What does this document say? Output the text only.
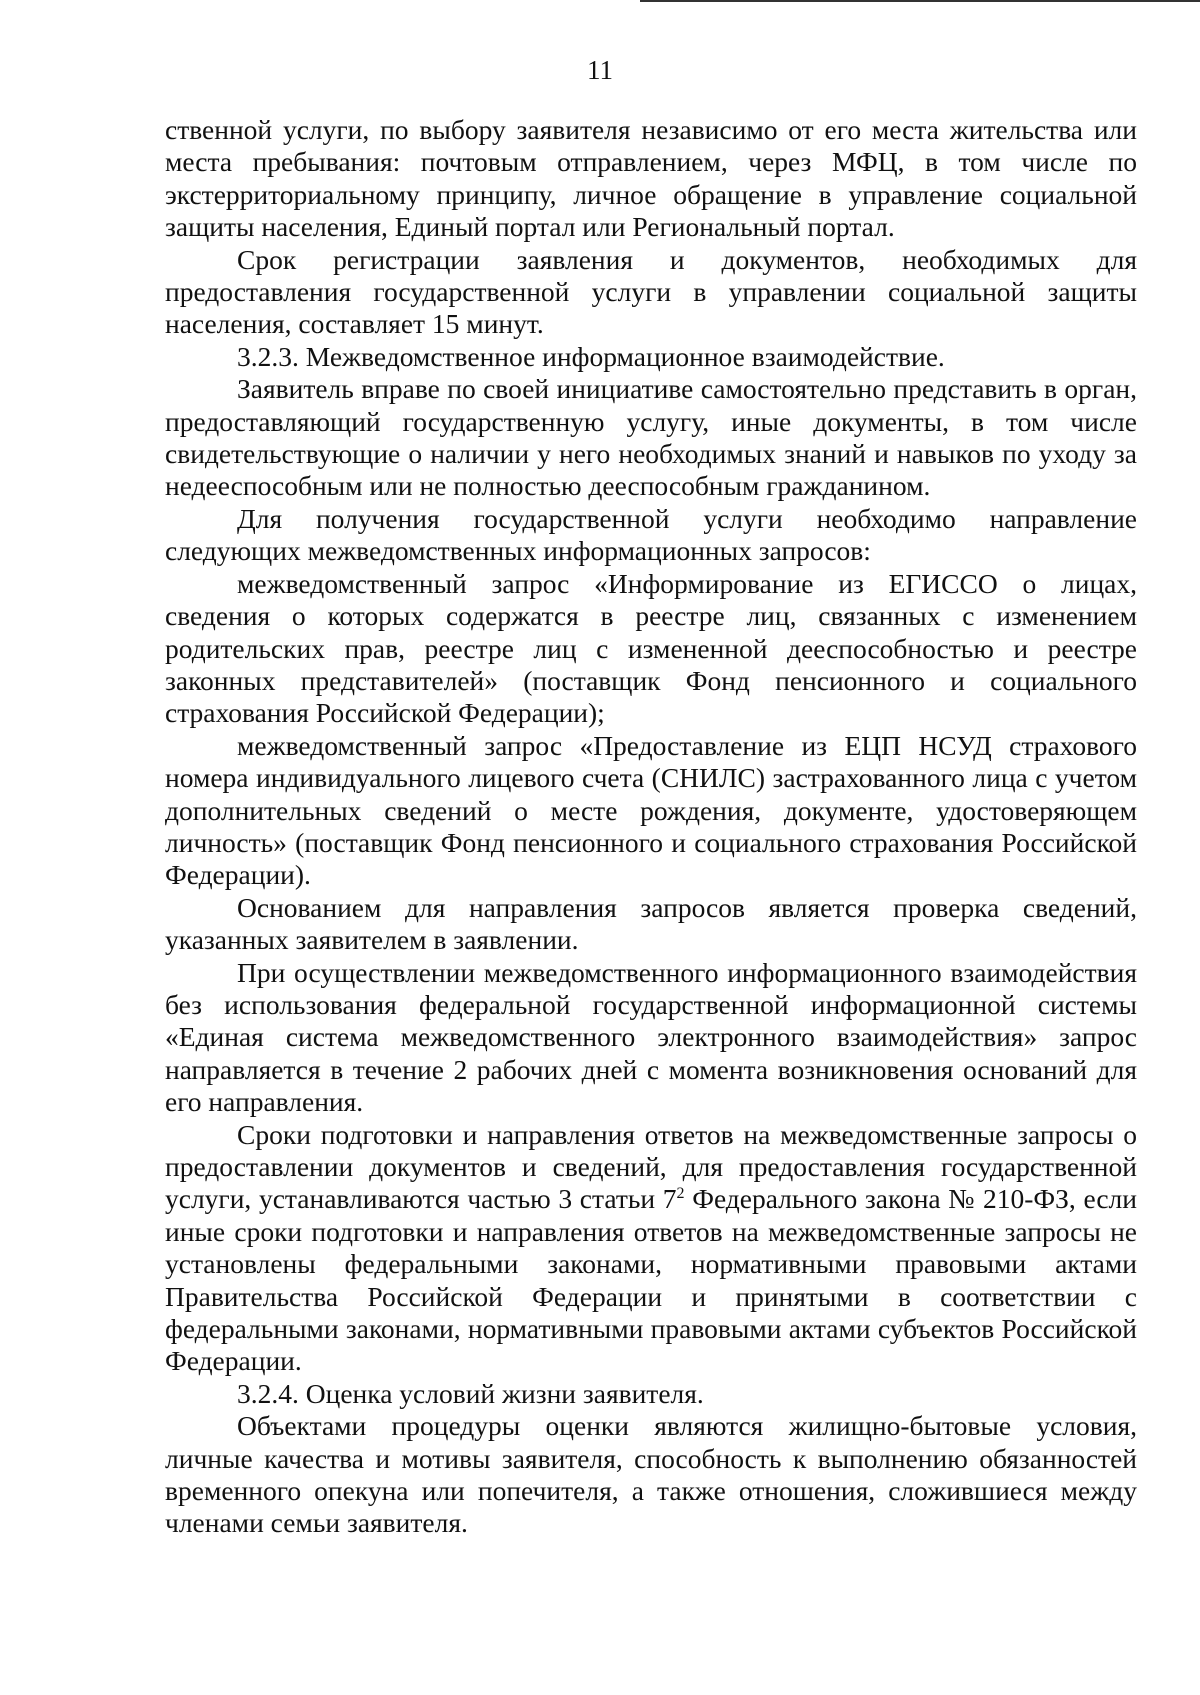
11

ственной услуги, по выбору заявителя независимо от его места жительства или места пребывания: почтовым отправлением, через МФЦ, в том числе по экстерриториальному принципу, личное обращение в управление социальной защиты населения, Единый портал или Региональный портал.

Срок регистрации заявления и документов, необходимых для предоставления государственной услуги в управлении социальной защиты населения, составляет 15 минут.

3.2.3. Межведомственное информационное взаимодействие.

Заявитель вправе по своей инициативе самостоятельно представить в орган, предоставляющий государственную услугу, иные документы, в том числе свидетельствующие о наличии у него необходимых знаний и навыков по уходу за недееспособным или не полностью дееспособным гражданином.

Для получения государственной услуги необходимо направление следующих межведомственных информационных запросов:

межведомственный запрос «Информирование из ЕГИССО о лицах, сведения о которых содержатся в реестре лиц, связанных с изменением родительских прав, реестре лиц с измененной дееспособностью и реестре законных представителей» (поставщик Фонд пенсионного и социального страхования Российской Федерации);

межведомственный запрос «Предоставление из ЕЦП НСУД страхового номера индивидуального лицевого счета (СНИЛС) застрахованного лица с учетом дополнительных сведений о месте рождения, документе, удостоверяющем личность» (поставщик Фонд пенсионного и социального страхования Российской Федерации).

Основанием для направления запросов является проверка сведений, указанных заявителем в заявлении.

При осуществлении межведомственного информационного взаимодействия без использования федеральной государственной информационной системы «Единая система межведомственного электронного взаимодействия» запрос направляется в течение 2 рабочих дней с момента возникновения оснований для его направления.

Сроки подготовки и направления ответов на межведомственные запросы о предоставлении документов и сведений, для предоставления государственной услуги, устанавливаются частью 3 статьи $7^2$ Федерального закона № 210-ФЗ, если иные сроки подготовки и направления ответов на межведомственные запросы не установлены федеральными законами, нормативными правовыми актами Правительства Российской Федерации и принятыми в соответствии с федеральными законами, нормативными правовыми актами субъектов Российской Федерации.

3.2.4. Оценка условий жизни заявителя.

Объектами процедуры оценки являются жилищно-бытовые условия, личные качества и мотивы заявителя, способность к выполнению обязанностей временного опекуна или попечителя, а также отношения, сложившиеся между членами семьи заявителя.
